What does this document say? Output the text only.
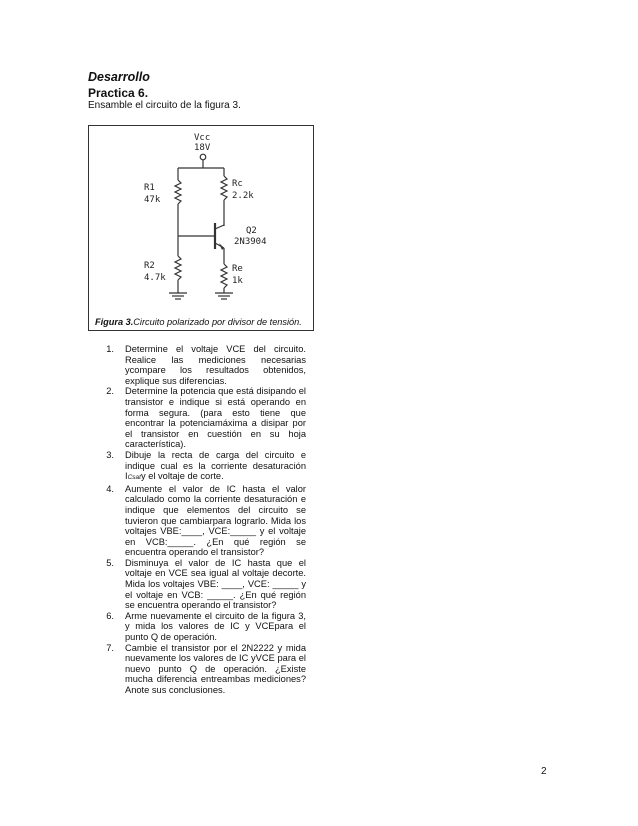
Desarrollo
Practica 6.
Ensamble el circuito de la figura 3.
Vcc
18V
R1
47k
Rc
2.2k
Q2
2N3904
R2
4.7k
Re
1k
Figura 3.Circuito polarizado por divisor de tensión.
1. Determine el voltaje VCE del circuito. Realice las mediciones necesarias ycompare los resultados obtenidos, explique sus diferencias.
2. Determine la potencia que está disipando el transistor e indique si está operando en forma segura. (para esto tiene que encontrar la potenciamáxima a disipar por el transistor en cuestión en su hoja característica).
3. Dibuje la recta de carga del circuito e indique cual es la corriente desaturación ICsaty el voltaje de corte.
4. Aumente el valor de IC hasta el valor calculado como la corriente desaturación e indique que elementos del circuito se tuvieron que cambiarpara lograrlo. Mida los voltajes VBE:____, VCE:_____ y el voltaje en VCB:_____. ¿En qué región se encuentra operando el transistor?
5. Disminuya el valor de IC hasta que el voltaje en VCE sea igual al voltaje decorte. Mida los voltajes VBE: ____, VCE: _____ y el voltaje en VCB: _____. ¿En qué región se encuentra operando el transistor?
6. Arme nuevamente el circuito de la figura 3, y mida los valores de IC y VCEpara el punto Q de operación.
7. Cambie el transistor por el 2N2222 y mida nuevamente los valores de IC yVCE para el nuevo punto Q de operación. ¿Existe mucha diferencia entreambas mediciones? Anote sus conclusiones.
2
